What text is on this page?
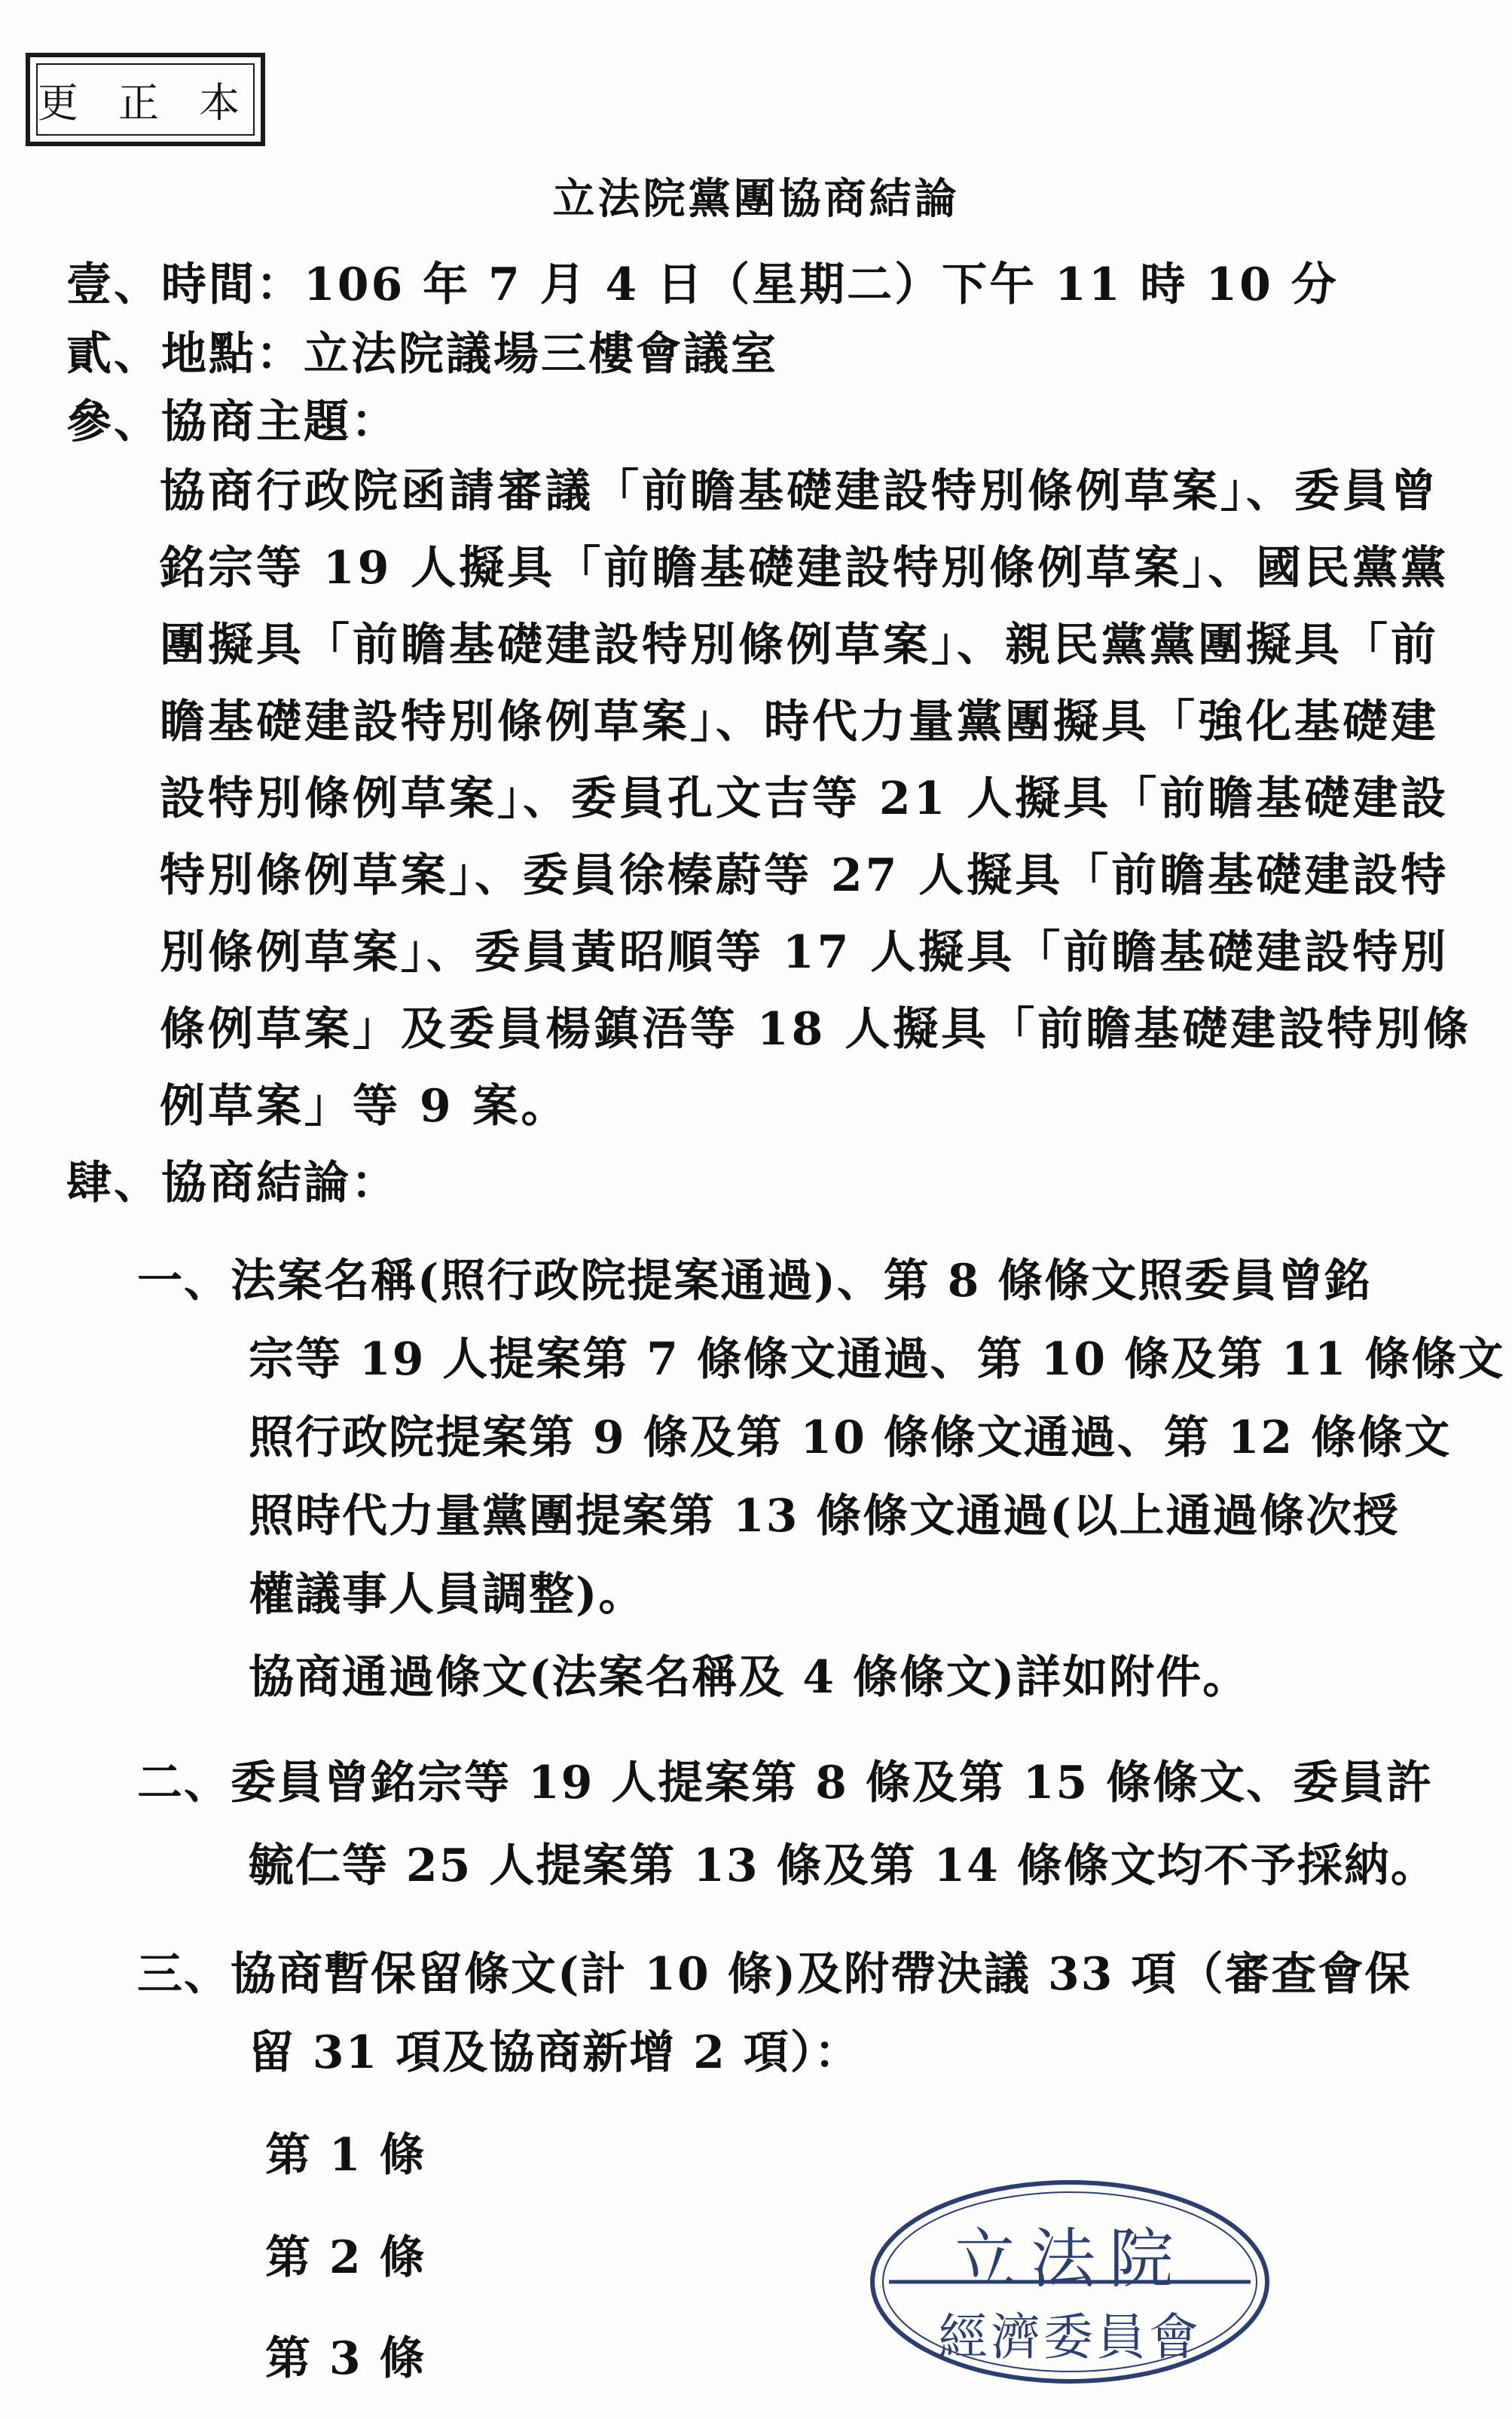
更 正 本
立法院黨團協商結論
壹、時間：106 年 7 月 4 日（星期二）下午 11 時 10 分
貳、地點：立法院議場三樓會議室
參、協商主題：
協商行政院函請審議「前瞻基礎建設特別條例草案」、委員曾
銘宗等 19 人擬具「前瞻基礎建設特別條例草案」、國民黨黨
團擬具「前瞻基礎建設特別條例草案」、親民黨黨團擬具「前
瞻基礎建設特別條例草案」、時代力量黨團擬具「強化基礎建
設特別條例草案」、委員孔文吉等 21 人擬具「前瞻基礎建設
特別條例草案」、委員徐榛蔚等 27 人擬具「前瞻基礎建設特
別條例草案」、委員黃昭順等 17 人擬具「前瞻基礎建設特別
條例草案」及委員楊鎮浯等 18 人擬具「前瞻基礎建設特別條
例草案」等 9 案。
肆、協商結論：
一、法案名稱(照行政院提案通過)、第 8 條條文照委員曾銘
宗等 19 人提案第 7 條條文通過、第 10 條及第 11 條條文
照行政院提案第 9 條及第 10 條條文通過、第 12 條條文
照時代力量黨團提案第 13 條條文通過(以上通過條次授
權議事人員調整)。
協商通過條文(法案名稱及 4 條條文)詳如附件。
二、委員曾銘宗等 19 人提案第 8 條及第 15 條條文、委員許
毓仁等 25 人提案第 13 條及第 14 條條文均不予採納。
三、協商暫保留條文(計 10 條)及附帶決議 33 項（審查會保
留 31 項及協商新增 2 項）：
第 1 條
第 2 條
第 3 條
立法院
經濟委員會
